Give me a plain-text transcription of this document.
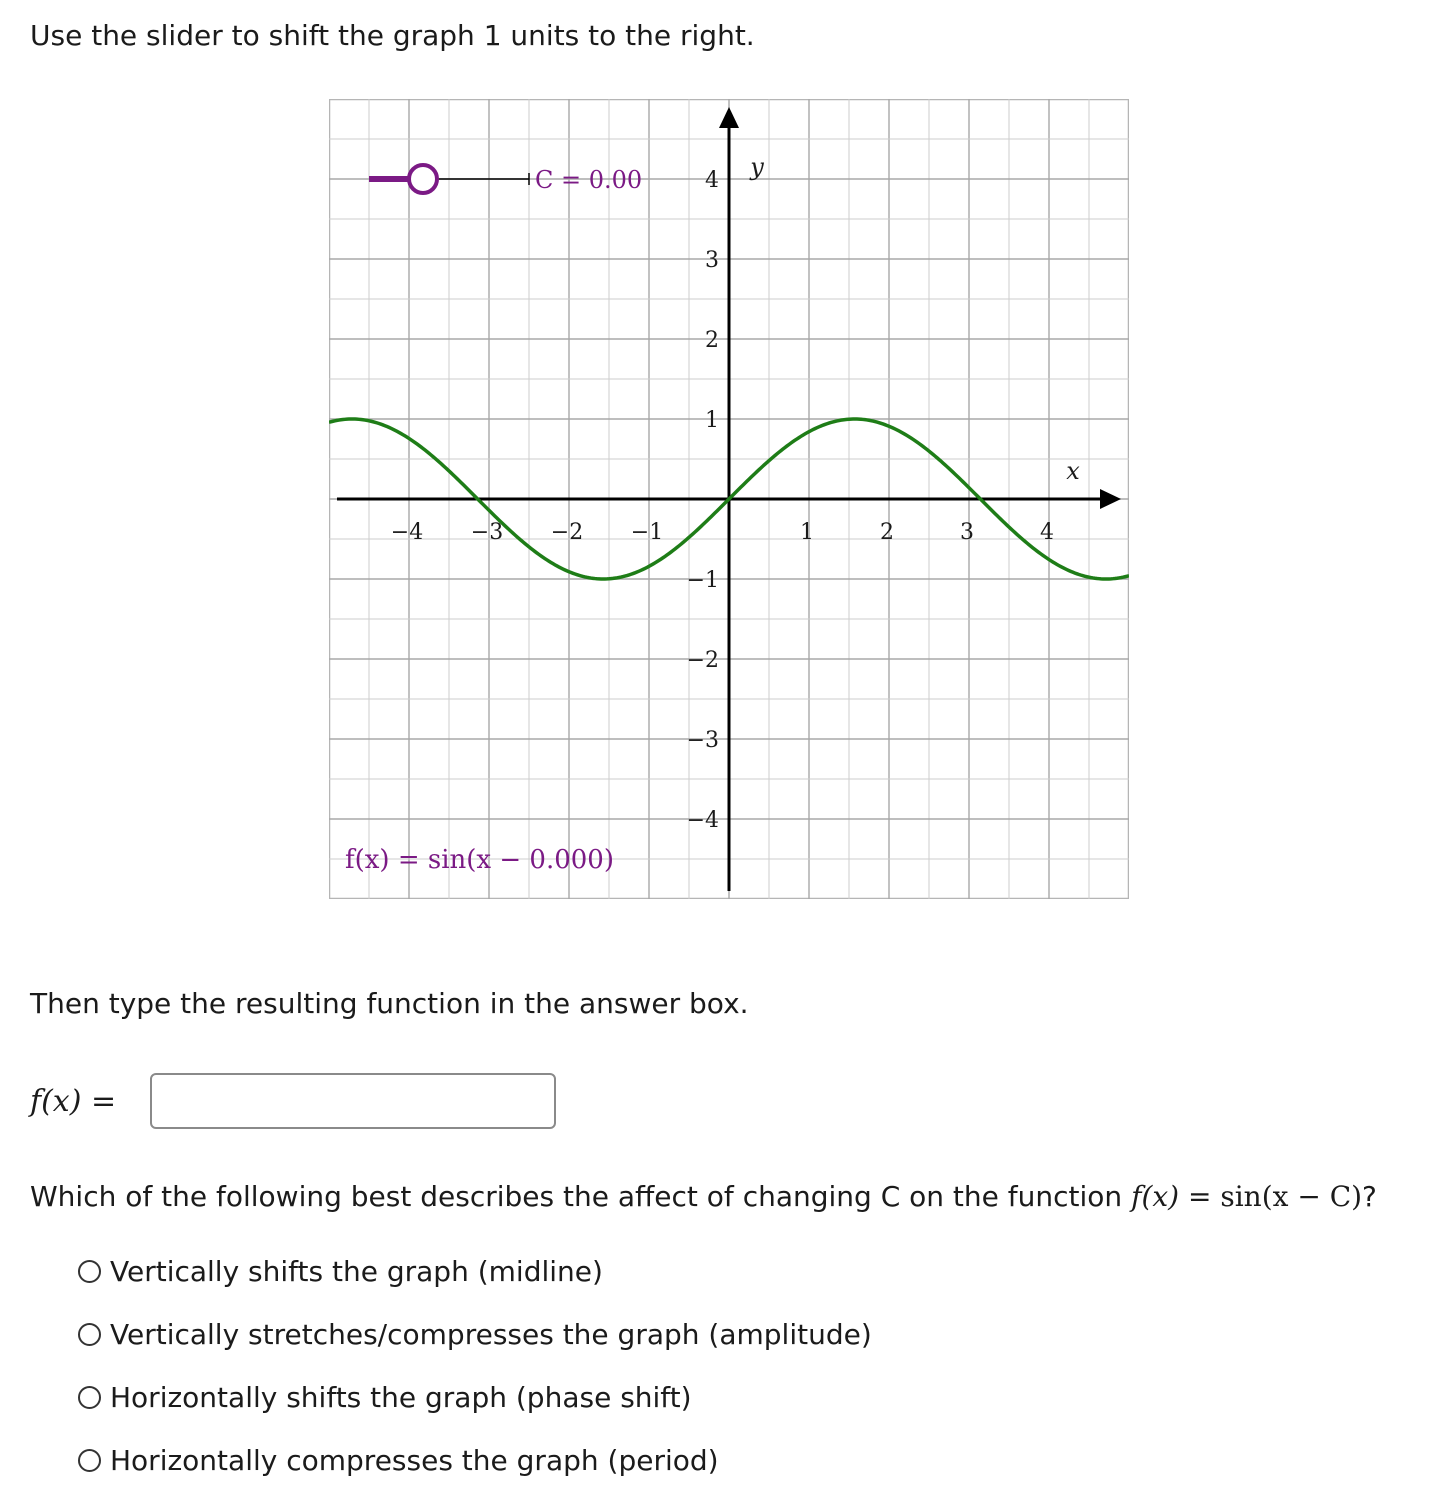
Use the slider to shift the graph 1 units to the right.

x
y
−4 −3 −2 −1	1	2	3	4
4
3
2
1
−1
−2
−3
−4
C = 0.00
f(x) = sin(x − 0.000)

Then type the resulting function in the answer box.

f(x) =

Which of the following best describes the affect of changing C on the function f(x) = sin(x − C)?

Vertically shifts the graph (midline)
Vertically stretches/compresses the graph (amplitude)
Horizontally shifts the graph (phase shift)
Horizontally compresses the graph (period)
